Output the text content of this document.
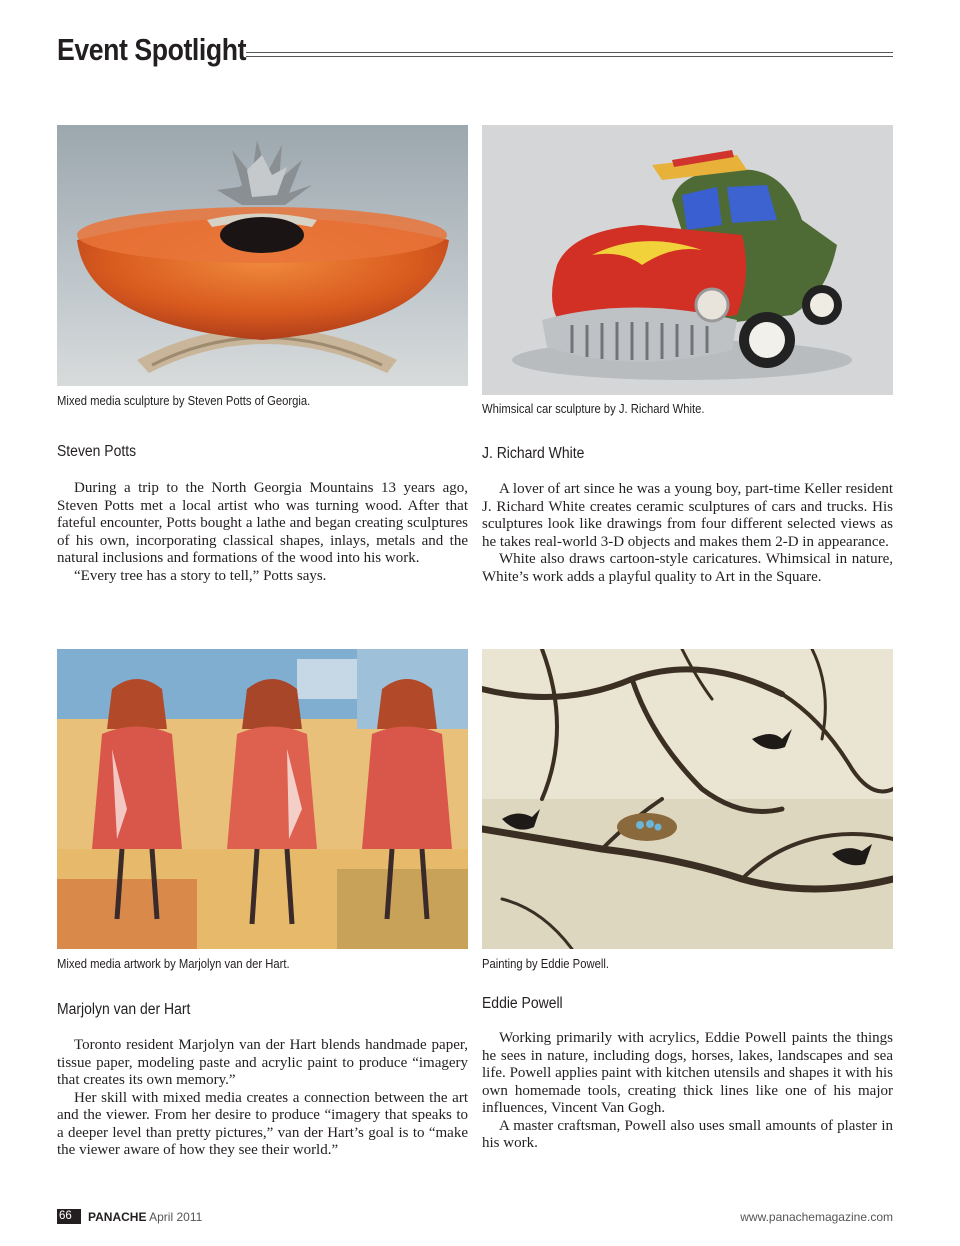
Event Spotlight
Mixed media sculpture by Steven Potts of Georgia.
Steven Potts

During a trip to the North Georgia Mountains 13 years ago, Steven Potts met a local artist who was turning wood. After that fateful encounter, Potts bought a lathe and began creating sculptures of his own, incorporating classical shapes, inlays, metals and the natural inclusions and formations of the wood into his work.

“Every tree has a story to tell,” Potts says.

Whimsical car sculpture by J. Richard White.
J. Richard White

A lover of art since he was a young boy, part-time Keller resident J. Richard White creates ceramic sculptures of cars and trucks. His sculptures look like drawings from four different selected views as he takes real-world 3-D objects and makes them 2-D in appearance.

White also draws cartoon-style caricatures. Whimsical in nature, White’s work adds a playful quality to Art in the Square.

Mixed media artwork by Marjolyn van der Hart.
Marjolyn van der Hart

Toronto resident Marjolyn van der Hart blends handmade paper, tissue paper, modeling paste and acrylic paint to produce “imagery that creates its own memory.”

Her skill with mixed media creates a connection between the art and the viewer. From her desire to produce “imagery that speaks to a deeper level than pretty pictures,” van der Hart’s goal is to “make the viewer aware of how they see their world.”

Painting by Eddie Powell.
Eddie Powell

Working primarily with acrylics, Eddie Powell paints the things he sees in nature, including dogs, horses, lakes, landscapes and sea life. Powell applies paint with kitchen utensils and shapes it with his own homemade tools, creating thick lines like one of his major influences, Vincent Van Gogh.

A master craftsman, Powell also uses small amounts of plaster in his work.

66	PANACHE April 2011	www.panachemagazine.com
